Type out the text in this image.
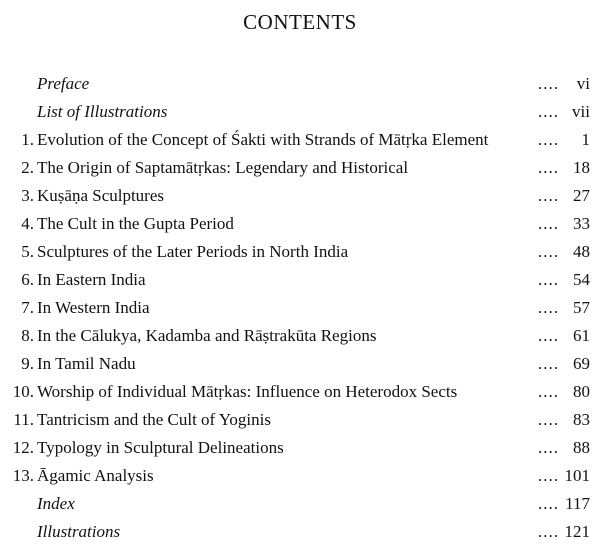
CONTENTS
Preface	.... vi
List of Illustrations	.... vii
1. Evolution of the Concept of Śakti with Strands of Mātṛka Element	.... 1
2. The Origin of Saptamātṛkas: Legendary and Historical	.... 18
3. Kuṣāṇa Sculptures	.... 27
4. The Cult in the Gupta Period	.... 33
5. Sculptures of the Later Periods in North India	.... 48
6. In Eastern India	.... 54
7. In Western India	.... 57
8. In the Cālukya, Kadamba and Rāṣtrakūta Regions	.... 61
9. In Tamil Nadu	.... 69
10. Worship of Individual Mātṛkas: Influence on Heterodox Sects	.... 80
11. Tantricism and the Cult of Yoginis	.... 83
12. Typology in Sculptural Delineations	.... 88
13. Āgamic Analysis	.... 101
Index	.... 117
Illustrations	.... 121
